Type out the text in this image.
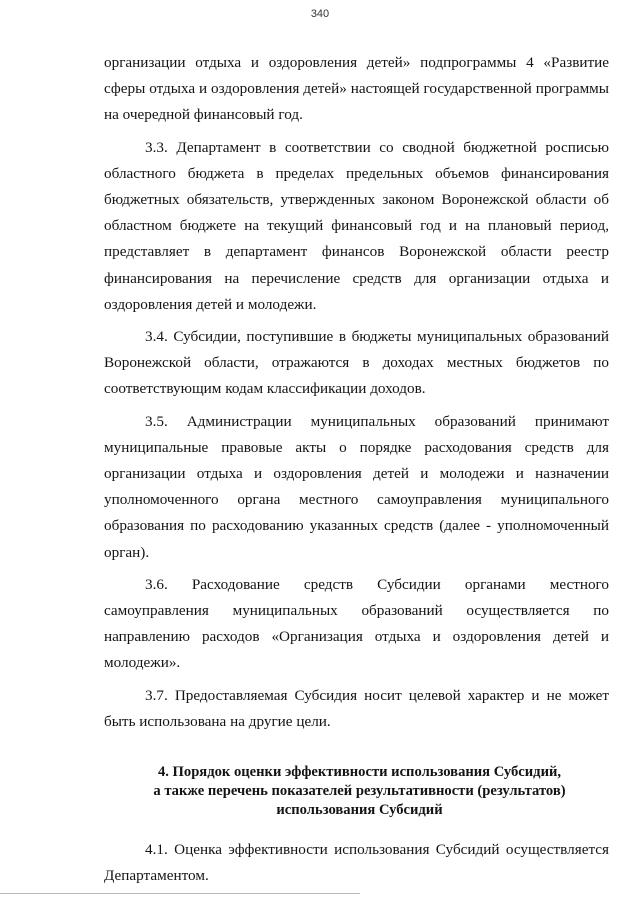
340

организации отдыха и оздоровления детей» подпрограммы 4 «Развитие сферы отдыха и оздоровления детей» настоящей государственной программы на очередной финансовый год.

3.3. Департамент в соответствии со сводной бюджетной росписью областного бюджета в пределах предельных объемов финансирования бюджетных обязательств, утвержденных законом Воронежской области об областном бюджете на текущий финансовый год и на плановый период, представляет в департамент финансов Воронежской области реестр финансирования на перечисление средств для организации отдыха и оздоровления детей и молодежи.

3.4. Субсидии, поступившие в бюджеты муниципальных образований Воронежской области, отражаются в доходах местных бюджетов по соответствующим кодам классификации доходов.

3.5. Администрации муниципальных образований принимают муниципальные правовые акты о порядке расходования средств для организации отдыха и оздоровления детей и молодежи и назначении уполномоченного органа местного самоуправления муниципального образования по расходованию указанных средств (далее - уполномоченный орган).

3.6. Расходование средств Субсидии органами местного самоуправления муниципальных образований осуществляется по направлению расходов «Организация отдыха и оздоровления детей и молодежи».

3.7. Предоставляемая Субсидия носит целевой характер и не может быть использована на другие цели.

4. Порядок оценки эффективности использования Субсидий,
а также перечень показателей результативности (результатов)
использования Субсидий

4.1. Оценка эффективности использования Субсидий осуществляется Департаментом.
